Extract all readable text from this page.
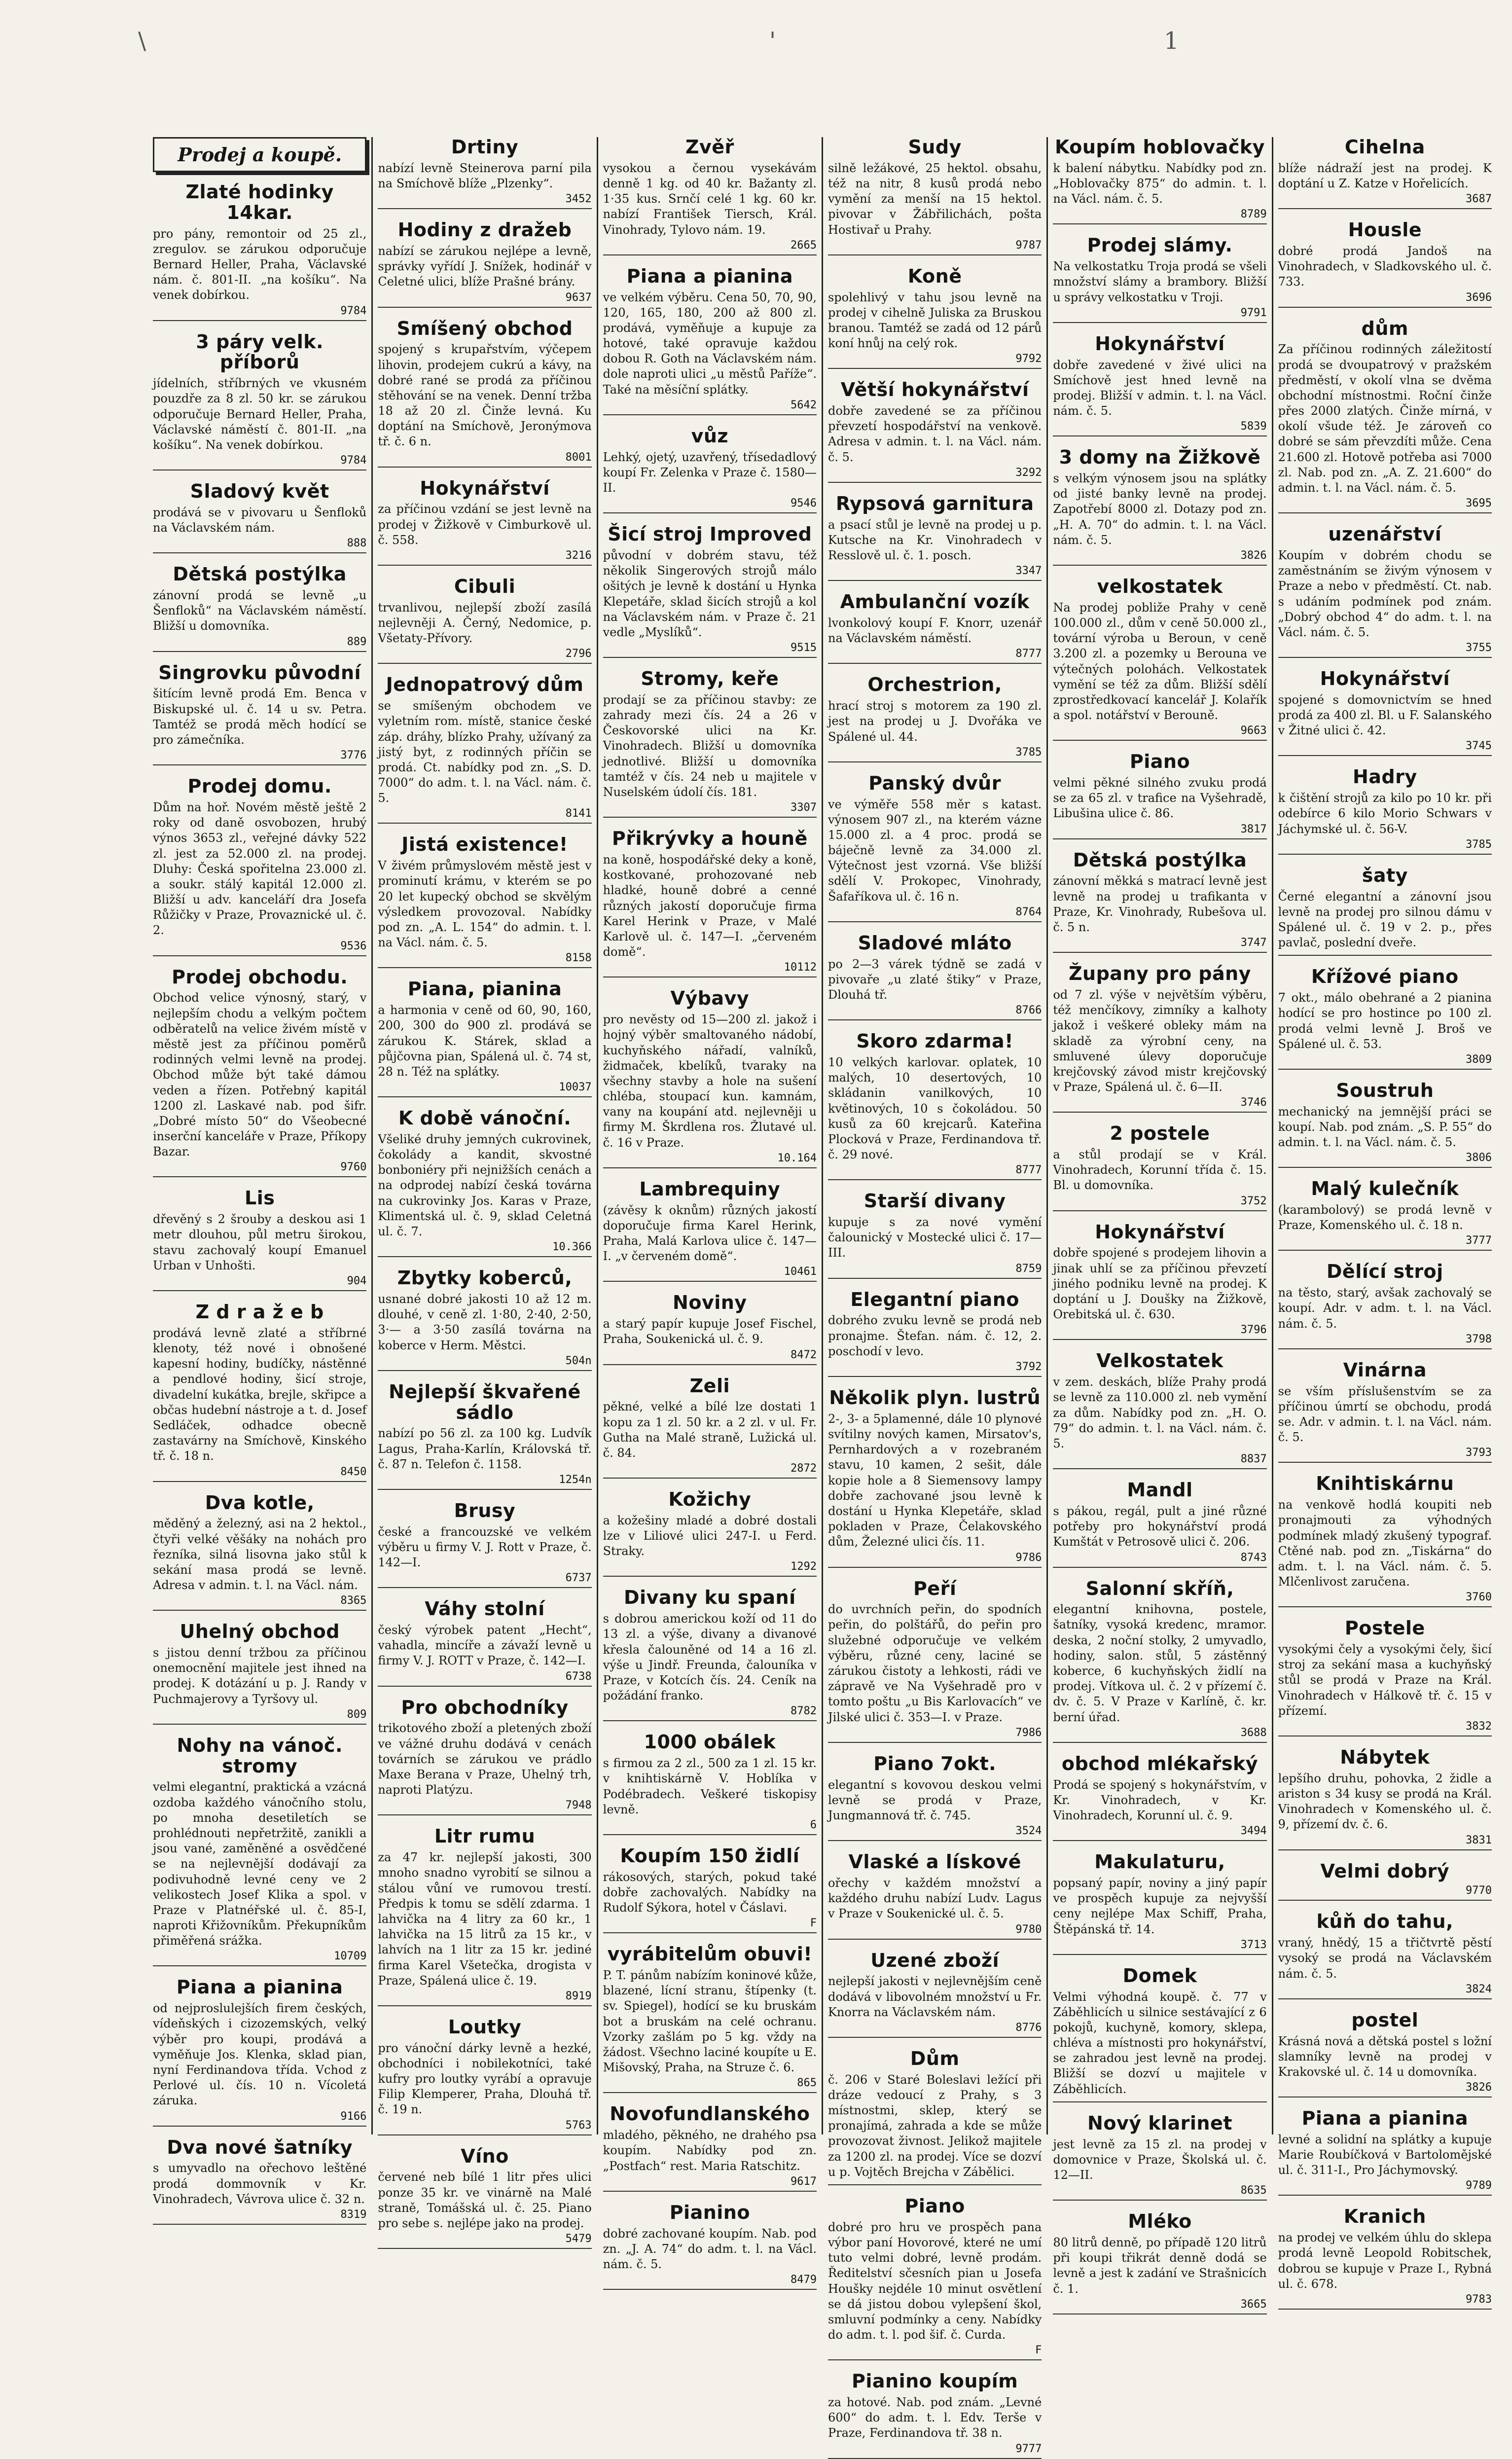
\	'	1
Prodej a koupě.
Zlaté hodinky 14kar.
pro pány, remontoir od 25 zl., zregulov. se zárukou odporučuje Bernard Heller, Praha, Václavské nám. č. 801-II. „na košíku“. Na venek dobírkou.
9784
3 páry velk. příborů
jídelních, stříbrných ve vkusném pouzdře za 8 zl. 50 kr. se zárukou odporučuje Bernard Heller, Praha, Václavské náměstí č. 801-II. „na košíku“. Na venek dobírkou.
9784
Sladový květ
prodává se v pivovaru u Šenfloků na Václavském nám.
888
Dětská postýlka
zánovní prodá se levně „u Šenfloků“ na Václavském náměstí. Bližší u domovníka.
889
Singrovku původní
šitícím levně prodá Em. Benca v Biskupské ul. č. 14 u sv. Petra. Tamtéž se prodá měch hodící se pro zámečníka.
3776
Prodej domu.
Dům na hoř. Novém městě ještě 2 roky od daně osvobozen, hrubý výnos 3653 zl., veřejné dávky 522 zl. jest za 52.000 zl. na prodej. Dluhy: Česká spořitelna 23.000 zl. a soukr. stálý kapitál 12.000 zl. Bližší u adv. kanceláří dra Josefa Růžičky v Praze, Provaznické ul. č. 2.
9536
Prodej obchodu.
Obchod velice výnosný, starý, v nejlepším chodu a velkým počtem odběratelů na velice živém místě v městě jest za příčinou poměrů rodinných velmi levně na prodej. Obchod může být také dámou veden a řízen. Potřebný kapitál 1200 zl. Laskavé nab. pod šifr. „Dobré místo 50“ do Všeobecné inserční kanceláře v Praze, Příkopy Bazar.
9760
Lis
dřevěný s 2 šrouby a deskou asi 1 metr dlouhou, půl metru širokou, stavu zachovalý koupí Emanuel Urban v Unhošti.
904
Z d r a ž e b
prodává levně zlaté a stříbrné klenoty, též nové i obnošené kapesní hodiny, budíčky, nástěnné a pendlové hodiny, šicí stroje, divadelní kukátka, brejle, skřipce a občas hudební nástroje a t. d. Josef Sedláček, odhadce obecně zastavárny na Smíchově, Kinského tř. č. 18 n.
8450
Dva kotle,
měděný a železný, asi na 2 hektol., čtyři velké věšáky na nohách pro řezníka, silná lisovna jako stůl k sekání masa prodá se levně. Adresa v admin. t. l. na Václ. nám.
8365
Uhelný obchod
s jistou denní tržbou za příčinou onemocnění majitele jest ihned na prodej. K dotázání u p. J. Randy v Puchmajerovy a Tyršovy ul.
809
Nohy na vánoč. stromy
velmi elegantní, praktická a vzácná ozdoba každého vánočního stolu, po mnoha desetiletích se prohlédnouti nepřetržitě, zanikli a jsou vané, zaměněné a osvědčené se na nejlevnější dodávají za podivuhodně levné ceny ve 2 velikostech Josef Klika a spol. v Praze v Platnéřské ul. č. 85-I, naproti Křižovníkům. Překupníkům přiměřená srážka.
10709
Piana a pianina
od nejproslulejších firem českých, vídeňských i cizozemských, velký výběr pro koupi, prodává a vyměňuje Jos. Klenka, sklad pian, nyní Ferdinandova třída. Vchod z Perlové ul. čís. 10 n. Vícoletá záruka.
9166
Dva nové šatníky
s umyvadlo na ořechovo leštěné prodá dommovník v Kr. Vinohradech, Vávrova ulice č. 32 n.
8319
Drtiny
nabízí levně Steinerova parní pila na Smíchově blíže „Plzenky“.
3452
Hodiny z dražeb
nabízí se zárukou nejlépe a levně, správky vyřídí J. Snížek, hodinář v Celetné ulici, blíže Prašné brány.
9637
Smíšený obchod
spojený s krupařstvím, výčepem lihovin, prodejem cukrú a kávy, na dobré rané se prodá za příčinou stěhování se na venek. Denní tržba 18 až 20 zl. Činže levná. Ku doptání na Smíchově, Jeronýmova tř. č. 6 n.
8001
Hokynářství
za příčinou vzdání se jest levně na prodej v Žižkově v Cimburkově ul. č. 558.
3216
Cibuli
trvanlivou, nejlepší zboží zasílá nejlevněji A. Černý, Nedomice, p. Všetaty-Přívory.
2796
Jednopatrový dům
se smíšeným obchodem ve vyletním rom. místě, stanice české záp. dráhy, blízko Prahy, užívaný za jistý byt, z rodinných příčin se prodá. Ct. nabídky pod zn. „S. D. 7000“ do adm. t. l. na Václ. nám. č. 5.
8141
Jistá existence!
V živém průmyslovém městě jest v prominutí krámu, v kterém se po 20 let kupecký obchod se skvělým výsledkem provozoval. Nabídky pod zn. „A. L. 154“ do admin. t. l. na Václ. nám. č. 5.
8158
Piana, pianina
a harmonia v ceně od 60, 90, 160, 200, 300 do 900 zl. prodává se zárukou K. Stárek, sklad a půjčovna pian, Spálená ul. č. 74 st, 28 n. Též na splátky.
10037
K době vánoční.
Všeliké druhy jemných cukrovinek, čokolády a kandit, skvostné bonboniéry při nejnižších cenách a na odprodej nabízí česká továrna na cukrovinky Jos. Karas v Praze, Klimentská ul. č. 9, sklad Celetná ul. č. 7.
10.366
Zbytky koberců,
usnané dobré jakosti 10 až 12 m. dlouhé, v ceně zl. 1·80, 2·40, 2·50, 3·— a 3·50 zasílá továrna na koberce v Herm. Městci.
504n
Nejlepší škvařené sádlo
nabízí po 56 zl. za 100 kg. Ludvík Lagus, Praha-Karlín, Královská tř. č. 87 n. Telefon č. 1158.
1254n
Brusy
české a francouzské ve velkém výběru u firmy V. J. Rott v Praze, č. 142—I.
6737
Váhy stolní
český výrobek patent „Hecht“, vahadla, mincíře a závaží levně u firmy V. J. ROTT v Praze, č. 142—I.
6738
Pro obchodníky
trikotového zboží a pletených zboží ve vážné druhu dodává v cenách továrních se zárukou ve prádlo Maxe Berana v Praze, Uhelný trh, naproti Platýzu.
7948
Litr rumu
za 47 kr. nejlepší jakosti, 300 mnoho snadno vyrobití se silnou a stálou vůní ve rumovou trestí. Předpis k tomu se sdělí zdarma. 1 lahvička na 4 litry za 60 kr., 1 lahvička na 15 litrů za 15 kr., v lahvích na 1 litr za 15 kr. jediné firma Karel Všetečka, drogista v Praze, Spálená ulice č. 19.
8919
Loutky
pro vánoční dárky levně a hezké, obchodníci i nobilekotníci, také kufry pro loutky vyrábí a opravuje Filip Klemperer, Praha, Dlouhá tř. č. 19 n.
5763
Víno
červené neb bílé 1 litr přes ulici ponze 35 kr. ve vinárně na Malé straně, Tomášská ul. č. 25. Piano pro sebe s. nejlépe jako na prodej.
5479
Zvěř
vysokou a černou vysekávám denně 1 kg. od 40 kr. Bažanty zl. 1·35 kus. Srnčí celé 1 kg. 60 kr. nabízí František Tiersch, Král. Vinohrady, Tylovo nám. 19.
2665
Piana a pianina
ve velkém výběru. Cena 50, 70, 90, 120, 165, 180, 200 až 800 zl. prodává, vyměňuje a kupuje za hotové, také opravuje každou dobou R. Goth na Václavském nám. dole naproti ulici „u městů Paříže“. Také na měsíční splátky.
5642
vůz
Lehký, ojetý, uzavřený, třísedadlový koupí Fr. Zelenka v Praze č. 1580—II.
9546
Šicí stroj Improved
původní v dobrém stavu, též několik Singerových strojů málo ošitých je levně k dostání u Hynka Klepetáře, sklad šicích strojů a kol na Václavském nám. v Praze č. 21 vedle „Myslíků“.
9515
Stromy, keře
prodají se za příčinou stavby: ze zahrady mezi čís. 24 a 26 v Českovorské ulici na Kr. Vinohradech. Bližší u domovníka jednotlivé. Bližší u domovníka tamtéž v čís. 24 neb u majitele v Nuselském údolí čís. 181.
3307
Přikrývky a houně
na koně, hospodářské deky a koně, kostkované, prohozované neb hladké, houně dobré a cenné různých jakostí doporučuje firma Karel Herink v Praze, v Malé Karlově ul. č. 147—I. „červeném domě“.
10112
Výbavy
pro nevěsty od 15—200 zl. jakož i hojný výběr smaltovaného nádobí, kuchyňského nářadí, valníků, židmaček, kbelíků, tvaraky na všechny stavby a hole na sušení chléba, stoupací kun. kamnám, vany na koupání atd. nejlevněji u firmy M. Škrdlena ros. Žlutavé ul. č. 16 v Praze.
10.164
Lambrequiny
(závěsy k oknům) různých jakostí doporučuje firma Karel Herink, Praha, Malá Karlova ulice č. 147—I. „v červeném domě“.
10461
Noviny
a starý papír kupuje Josef Fischel, Praha, Soukenická ul. č. 9.
8472
Zeli
pěkné, velké a bílé lze dostati 1 kopu za 1 zl. 50 kr. a 2 zl. v ul. Fr. Gutha na Malé straně, Lužická ul. č. 84.
2872
Kožichy
a kožešiny mladé a dobré dostali lze v Liliové ulici 247-I. u Ferd. Straky.
1292
Divany ku spaní
s dobrou americkou koží od 11 do 13 zl. a výše, divany a divanové křesla čalouněné od 14 a 16 zl. výše u Jindř. Freunda, čalouníka v Praze, v Kotcích čís. 24. Ceník na požádání franko.
8782
1000 obálek
s firmou za 2 zl., 500 za 1 zl. 15 kr. v knihtiskárně V. Hoblíka v Podébradech. Veškeré tiskopisy levně.
6
Koupím 150 židlí
rákosových, starých, pokud také dobře zachovalých. Nabídky na Rudolf Sýkora, hotel v Čáslavi.
F
vyrábitelům obuvi!
P. T. pánům nabízím koninové kůže, blazené, lícní stranu, štípenky (t. sv. Spiegel), hodící se ku bruskám bot a bruskám na celé ochranu. Vzorky zašlám po 5 kg. vždy na žádost. Všechno laciné koupíte u E. Mišovský, Praha, na Struze č. 6.
865
Novofundlanského
mladého, pěkného, ne drahého psa koupím. Nabídky pod zn. „Postfach“ rest. Maria Ratschitz.
9617
Pianino
dobré zachované koupím. Nab. pod zn. „J. A. 74“ do adm. t. l. na Václ. nám. č. 5.
8479
Sudy
silně ležákové, 25 hektol. obsahu, též na nitr, 8 kusů prodá nebo vymění za menší na 15 hektol. pivovar v Žábřilichách, pošta Hostivař u Prahy.
9787
Koně
spolehlivý v tahu jsou levně na prodej v cihelně Juliska za Bruskou branou. Tamtéž se zadá od 12 párů koní hnůj na celý rok.
9792
Větší hokynářství
dobře zavedené se za příčinou převzetí hospodářství na venkově. Adresa v admin. t. l. na Václ. nám. č. 5.
3292
Rypsová garnitura
a psací stůl je levně na prodej u p. Kutsche na Kr. Vinohradech v Resslově ul. č. 1. posch.
3347
Ambulanční vozík
lvonkolový koupí F. Knorr, uzenář na Václavském náměstí.
8777
Orchestrion,
hrací stroj s motorem za 190 zl. jest na prodej u J. Dvořáka ve Spálené ul. 44.
3785
Panský dvůr
ve výměře 558 měr s katast. výnosem 907 zl., na kterém vázne 15.000 zl. a 4 proc. prodá se báječně levně za 34.000 zl. Výtečnost jest vzorná. Vše bližší sdělí V. Prokopec, Vinohrady, Šafaříkova ul. č. 16 n.
8764
Sladové mláto
po 2—3 várek týdně se zadá v pivovaře „u zlaté štiky“ v Praze, Dlouhá tř.
8766
Skoro zdarma!
10 velkých karlovar. oplatek, 10 malých, 10 desertových, 10 skládanin vanilkových, 10 květinových, 10 s čokoládou. 50 kusů za 60 krejcarů. Kateřina Plocková v Praze, Ferdinandova tř. č. 29 nové.
8777
Starší divany
kupuje s za nové vymění čalounický v Mostecké ulici č. 17—III.
8759
Elegantní piano
dobrého zvuku levně se prodá neb pronajme. Štefan. nám. č. 12, 2. poschodí v levo.
3792
Několik plyn. lustrů
2-, 3- a 5plamenné, dále 10 plynové svítilny nových kamen, Mirsatov's, Pernhardových a v rozebraném stavu, 10 kamen, 2 sešit, dále kopie hole a 8 Siemensovy lampy dobře zachované jsou levně k dostání u Hynka Klepetáře, sklad pokladen v Praze, Čelakovského dům, Železné ulici čís. 11.
9786
Peří
do uvrchních peřin, do spodních peřin, do polštářů, do peřin pro služebné odporučuje ve velkém výběru, různé ceny, laciné se zárukou čistoty a lehkosti, rádi ve zápravě ve Na Vyšehradě pro v tomto poštu „u Bis Karlovacích“ ve Jilské ulici č. 353—I. v Praze.
7986
Piano 7okt.
elegantní s kovovou deskou velmi levně se prodá v Praze, Jungmannová tř. č. 745.
3524
Vlaské a lískové
ořechy v každém množství a každého druhu nabízí Ludv. Lagus v Praze v Soukenické ul. č. 5.
9780
Uzené zboží
nejlepší jakosti v nejlevnějším ceně dodává v libovolném množství u Fr. Knorra na Václavském nám.
8776
Dům
č. 206 v Staré Boleslavi ležící při dráze vedoucí z Prahy, s 3 místnostmi, sklep, který se pronajímá, zahrada a kde se může provozovat živnost. Jelikož majitele za 1200 zl. na prodej. Více se dozví u p. Vojtěch Brejcha v Zábělici.
Piano
dobré pro hru ve prospěch pana výbor paní Hovorové, které ne umí tuto velmi dobré, levně prodám. Ředitelství sčesních pian u Josefa Houšky nejdéle 10 minut osvětlení se dá jistou dobou vylepšení škol, smluvní podmínky a ceny. Nabídky do adm. t. l. pod šif. č. Curda.
F
Pianino koupím
za hotové. Nab. pod znám. „Levné 600“ do adm. t. l. Edv. Terše v Praze, Ferdinandova tř. 38 n.
9777
Koupím hoblovačky
k balení nábytku. Nabídky pod zn. „Hoblovačky 875“ do admin. t. l. na Václ. nám. č. 5.
8789
Prodej slámy.
Na velkostatku Troja prodá se všeli množství slámy a brambory. Bližší u správy velkostatku v Troji.
9791
Hokynářství
dobře zavedené v živé ulici na Smíchově jest hned levně na prodej. Bližší v admin. t. l. na Václ. nám. č. 5.
5839
3 domy na Žižkově
s velkým výnosem jsou na splátky od jisté banky levně na prodej. Zapotřebí 8000 zl. Dotazy pod zn. „H. A. 70“ do admin. t. l. na Václ. nám. č. 5.
3826
velkostatek
Na prodej pobliže Prahy v ceně 100.000 zl., dům v ceně 50.000 zl., tovární výroba u Beroun, v ceně 3.200 zl. a pozemky u Berouna ve výtečných polohách. Velkostatek vymění se též za dům. Bližší sdělí zprostředkovací kancelář J. Kolařík a spol. notářství v Berouně.
9663
Piano
velmi pěkné silného zvuku prodá se za 65 zl. v trafice na Vyšehradě, Libušina ulice č. 86.
3817
Dětská postýlka
zánovní měkká s matrací levně jest levně na prodej u trafikanta v Praze, Kr. Vinohrady, Rubešova ul. č. 5 n.
3747
Župany pro pány
od 7 zl. výše v největším výběru, též menčíkovy, zimníky a kalhoty jakož i veškeré obleky mám na skladě za výrobní ceny, na smluvené úlevy doporučuje krejčovský závod mistr krejčovský v Praze, Spálená ul. č. 6—II.
3746
2 postele
a stůl prodají se v Král. Vinohradech, Korunní třída č. 15. Bl. u domovníka.
3752
Hokynářství
dobře spojené s prodejem lihovin a jinak uhlí se za příčinou převzetí jiného podniku levně na prodej. K doptání u J. Doušky na Žižkově, Orebitská ul. č. 630.
3796
Velkostatek
v zem. deskách, blíže Prahy prodá se levně za 110.000 zl. neb vymění za dům. Nabídky pod zn. „H. O. 79“ do admin. t. l. na Václ. nám. č. 5.
8837
Mandl
s pákou, regál, pult a jiné různé potřeby pro hokynářství prodá Kumštát v Petrosově ulici č. 206.
8743
Salonní skříň,
elegantní knihovna, postele, šatníky, vysoká kredenc, mramor. deska, 2 noční stolky, 2 umyvadlo, hodiny, salon. stůl, 5 zástěnný koberce, 6 kuchyňských židlí na prodej. Vítkova ul. č. 2 v přízemí č. dv. č. 5. V Praze v Karlíně, č. kr. berní úřad.
3688
obchod mlékařský
Prodá se spojený s hokynářstvím, v Kr. Vinohradech, v Kr. Vinohradech, Korunní ul. č. 9.
3494
Makulaturu,
popsaný papír, noviny a jiný papír ve prospěch kupuje za nejvyšší ceny nejlépe Max Schiff, Praha, Štěpánská tř. 14.
3713
Domek
Velmi výhodná koupě. č. 77 v Záběhlicích u silnice sestávající z 6 pokojů, kuchyně, komory, sklepa, chléva a místnosti pro hokynářství, se zahradou jest levně na prodej. Bližší se dozví u majitele v Záběhlicích.
Nový klarinet
jest levně za 15 zl. na prodej v domovnice v Praze, Školská ul. č. 12—II.
8635
Mléko
80 litrů denně, po případě 120 litrů při koupi třikrát denně dodá se levně a jest k zadání ve Strašnicích č. 1.
3665
Cihelna
blíže nádraží jest na prodej. K doptání u Z. Katze v Hořelicích.
3687
Housle
dobré prodá Jandoš na Vinohradech, v Sladkovského ul. č. 733.
3696
dům
Za příčinou rodinných záležitostí prodá se dvoupatrový v pražském předměstí, v okolí vlna se dvěma obchodní místnostmi. Roční činže přes 2000 zlatých. Činže mírná, v okolí všude též. Je zároveň co dobré se sám převzdíti může. Cena 21.600 zl. Hotově potřeba asi 7000 zl. Nab. pod zn. „A. Z. 21.600“ do admin. t. l. na Václ. nám. č. 5.
3695
uzenářství
Koupím v dobrém chodu se zaměstnáním se živým výnosem v Praze a nebo v předměstí. Ct. nab. s udáním podmínek pod znám. „Dobrý obchod 4“ do adm. t. l. na Václ. nám. č. 5.
3755
Hokynářství
spojené s domovnictvím se hned prodá za 400 zl. Bl. u F. Salanského v Žitné ulici č. 42.
3745
Hadry
k čištění strojů za kilo po 10 kr. při odebírce 6 kilo Morio Schwars v Jáchymské ul. č. 56-V.
3785
šaty
Černé elegantní a zánovní jsou levně na prodej pro silnou dámu v Spálené ul. č. 19 v 2. p., přes pavlač, poslední dveře.
Křížové piano
7 okt., málo obehrané a 2 pianina hodící se pro hostince po 100 zl. prodá velmi levně J. Broš ve Spálené ul. č. 53.
3809
Soustruh
mechanický na jemnější práci se koupí. Nab. pod znám. „S. P. 55“ do admin. t. l. na Václ. nám. č. 5.
3806
Malý kulečník
(karambolový) se prodá levně v Praze, Komenského ul. č. 18 n.
3777
Dělící stroj
na těsto, starý, avšak zachovalý se koupí. Adr. v adm. t. l. na Václ. nám. č. 5.
3798
Vinárna
se vším příslušenstvím se za příčinou úmrtí se obchodu, prodá se. Adr. v admin. t. l. na Václ. nám. č. 5.
3793
Knihtiskárnu
na venkově hodlá koupiti neb pronajmouti za výhodných podmínek mladý zkušený typograf. Ctěné nab. pod zn. „Tiskárna“ do adm. t. l. na Václ. nám. č. 5. Mlčenlivost zaručena.
3760
Postele
vysokými čely a vysokými čely, šicí stroj za sekání masa a kuchyňský stůl se prodá v Praze na Král. Vinohradech v Hálkově tř. č. 15 v přízemí.
3832
Nábytek
lepšího druhu, pohovka, 2 židle a ariston s 34 kusy se prodá na Král. Vinohradech v Komenského ul. č. 9, přízemí dv. č. 6.
3831
Velmi dobrý
9770
kůň do tahu,
vraný, hnědý, 15 a třičtvrtě pěstí vysoký se prodá na Václavském nám. č. 5.
3824
postel
Krásná nová a dětská postel s ložní slamníky levně na prodej v Krakovské ul. č. 14 u domovníka.
3826
Piana a pianina
levné a solidní na splátky a kupuje Marie Roubíčková v Bartolomějské ul. č. 311-I., Pro Jáchymovský.
9789
Kranich
na prodej ve velkém úhlu do sklepa prodá levně Leopold Robitschek, dobrou se kupuje v Praze I., Rybná ul. č. 678.
9783
